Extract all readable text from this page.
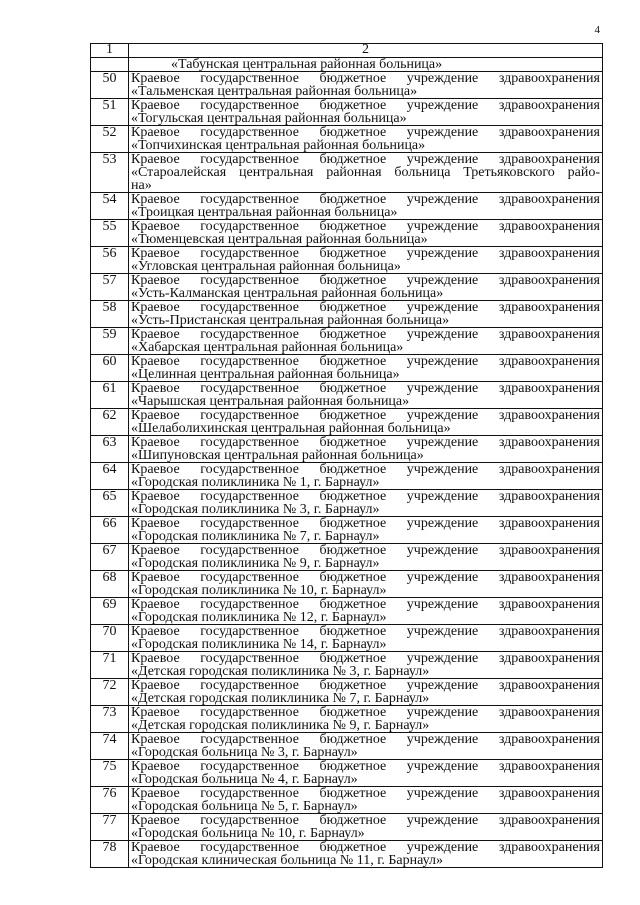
4
1	2

	«Табунская центральная районная больница»

50	Краевое государственное бюджетное учреждение здравоохранения
«Тальменская центральная районная больница»

51	Краевое государственное бюджетное учреждение здравоохранения
«Тогульская центральная районная больница»

52	Краевое государственное бюджетное учреждение здравоохранения
«Топчихинская центральная районная больница»

53	Краевое государственное бюджетное учреждение здравоохранения
«Староалейская центральная районная больница Третьяковского райо-
на»

54	Краевое государственное бюджетное учреждение здравоохранения
«Троицкая центральная районная больница»

55	Краевое государственное бюджетное учреждение здравоохранения
«Тюменцевская центральная районная больница»

56	Краевое государственное бюджетное учреждение здравоохранения
«Угловская центральная районная больница»

57	Краевое государственное бюджетное учреждение здравоохранения
«Усть-Калманская центральная районная больница»

58	Краевое государственное бюджетное учреждение здравоохранения
«Усть-Пристанская центральная районная больница»

59	Краевое государственное бюджетное учреждение здравоохранения
«Хабарская центральная районная больница»

60	Краевое государственное бюджетное учреждение здравоохранения
«Целинная центральная районная больница»

61	Краевое государственное бюджетное учреждение здравоохранения
«Чарышская центральная районная больница»

62	Краевое государственное бюджетное учреждение здравоохранения
«Шелаболихинская центральная районная больница»

63	Краевое государственное бюджетное учреждение здравоохранения
«Шипуновская центральная районная больница»

64	Краевое государственное бюджетное учреждение здравоохранения
«Городская поликлиника № 1, г. Барнаул»

65	Краевое государственное бюджетное учреждение здравоохранения
«Городская поликлиника № 3, г. Барнаул»

66	Краевое государственное бюджетное учреждение здравоохранения
«Городская поликлиника № 7, г. Барнаул»

67	Краевое государственное бюджетное учреждение здравоохранения
«Городская поликлиника № 9, г. Барнаул»

68	Краевое государственное бюджетное учреждение здравоохранения
«Городская поликлиника № 10, г. Барнаул»

69	Краевое государственное бюджетное учреждение здравоохранения
«Городская поликлиника № 12, г. Барнаул»

70	Краевое государственное бюджетное учреждение здравоохранения
«Городская поликлиника № 14, г. Барнаул»

71	Краевое государственное бюджетное учреждение здравоохранения
«Детская городская поликлиника № 3, г. Барнаул»

72	Краевое государственное бюджетное учреждение здравоохранения
«Детская городская поликлиника № 7, г. Барнаул»

73	Краевое государственное бюджетное учреждение здравоохранения
«Детская городская поликлиника № 9, г. Барнаул»

74	Краевое государственное бюджетное учреждение здравоохранения
«Городская больница № 3, г. Барнаул»

75	Краевое государственное бюджетное учреждение здравоохранения
«Городская больница № 4, г. Барнаул»

76	Краевое государственное бюджетное учреждение здравоохранения
«Городская больница № 5, г. Барнаул»

77	Краевое государственное бюджетное учреждение здравоохранения
«Городская больница № 10, г. Барнаул»

78	Краевое государственное бюджетное учреждение здравоохранения
«Городская клиническая больница № 11, г. Барнаул»
